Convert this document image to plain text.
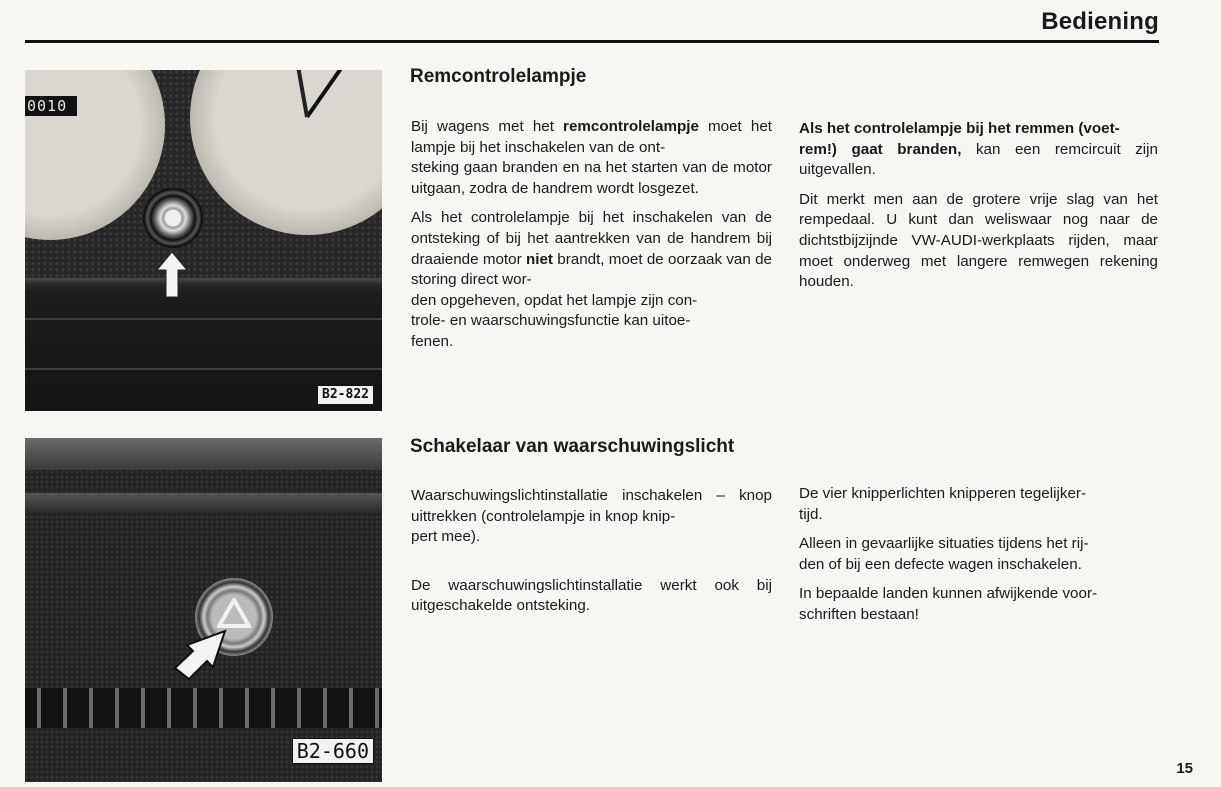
Bediening
0010
B2-822
Remcontrolelampje

Bij wagens met het remcontrolelampje moet het lampje bij het inschakelen van de ont-
steking gaan branden en na het starten van de motor uitgaan, zodra de handrem wordt losgezet.

Als het controlelampje bij het inschakelen van de ontsteking of bij het aantrekken van de handrem bij draaiende motor niet brandt, moet de oorzaak van de storing direct wor-
den opgeheven, opdat het lampje zijn con-
trole- en waarschuwingsfunctie kan uitoe-
fenen.

Als het controlelampje bij het remmen (voet-
rem!) gaat branden, kan een remcircuit zijn uitgevallen.

Dit merkt men aan de grotere vrije slag van het rempedaal. U kunt dan weliswaar nog naar de dichtstbijzijnde VW-AUDI-werkplaats rijden, maar moet onderweg met langere remwegen rekening houden.

B2-660
Schakelaar van waarschuwingslicht

Waarschuwingslichtinstallatie inschakelen – knop uittrekken (controlelampje in knop knip-
pert mee).

De waarschuwingslichtinstallatie werkt ook bij uitgeschakelde ontsteking.

De vier knipperlichten knipperen tegelijker-
tijd.

Alleen in gevaarlijke situaties tijdens het rij-
den of bij een defecte wagen inschakelen.

In bepaalde landen kunnen afwijkende voor-
schriften bestaan!

15
